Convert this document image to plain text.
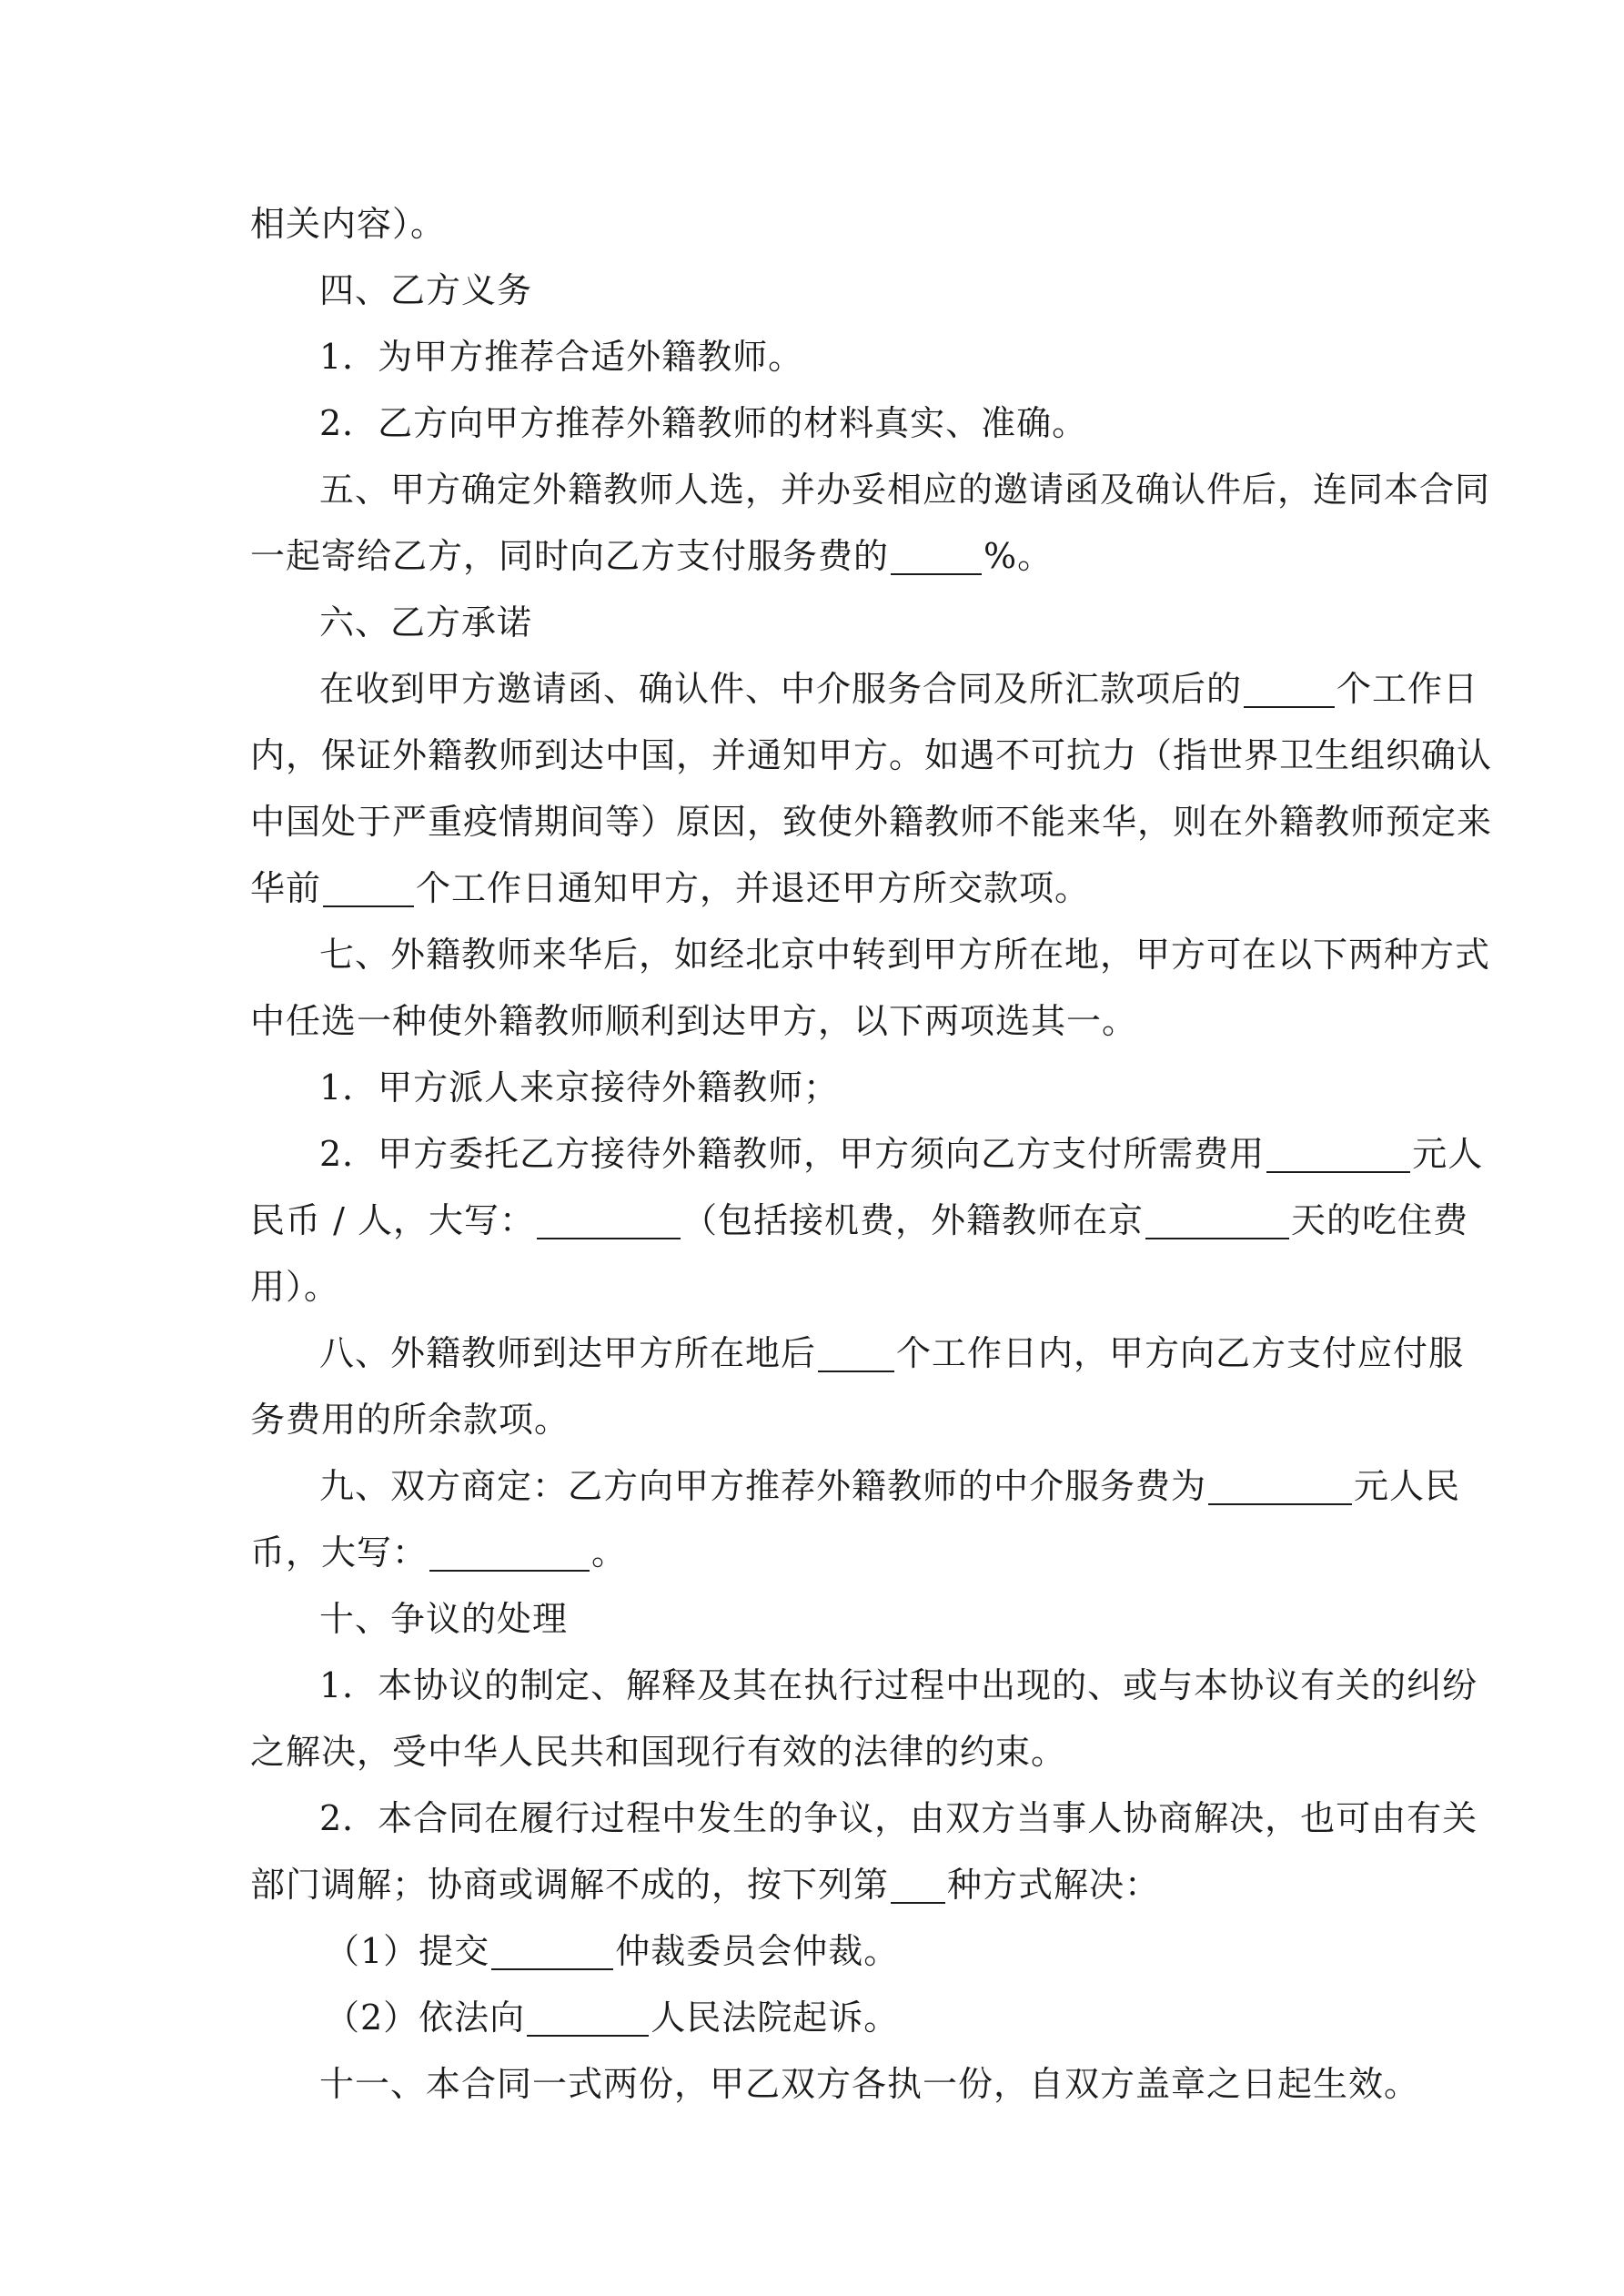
相关内容）。
四、乙方义务
1．为甲方推荐合适外籍教师。
2．乙方向甲方推荐外籍教师的材料真实、准确。
五、甲方确定外籍教师人选，并办妥相应的邀请函及确认件后，连同本合同
一起寄给乙方，同时向乙方支付服务费的	%。
六、乙方承诺
在收到甲方邀请函、确认件、中介服务合同及所汇款项后的	个工作日
内，保证外籍教师到达中国，并通知甲方。如遇不可抗力（指世界卫生组织确认
中国处于严重疫情期间等）原因，致使外籍教师不能来华，则在外籍教师预定来
华前	个工作日通知甲方，并退还甲方所交款项。
七、外籍教师来华后，如经北京中转到甲方所在地，甲方可在以下两种方式
中任选一种使外籍教师顺利到达甲方，以下两项选其一。
1．甲方派人来京接待外籍教师；
2．甲方委托乙方接待外籍教师，甲方须向乙方支付所需费用	元人
民币 / 人，大写：	（包括接机费，外籍教师在京	天的吃住费
用）。
八、外籍教师到达甲方所在地后 个工作日内，甲方向乙方支付应付服
务费用的所余款项。
九、双方商定：乙方向甲方推荐外籍教师的中介服务费为	元人民
币，大写：	。
十、争议的处理
1．本协议的制定、解释及其在执行过程中出现的、或与本协议有关的纠纷
之解决，受中华人民共和国现行有效的法律的约束。
2．本合同在履行过程中发生的争议，由双方当事人协商解决，也可由有关
部门调解；协商或调解不成的，按下列第 种方式解决：
（1）提交	仲裁委员会仲裁。
（2）依法向	人民法院起诉。
十一、本合同一式两份，甲乙双方各执一份，自双方盖章之日起生效。
